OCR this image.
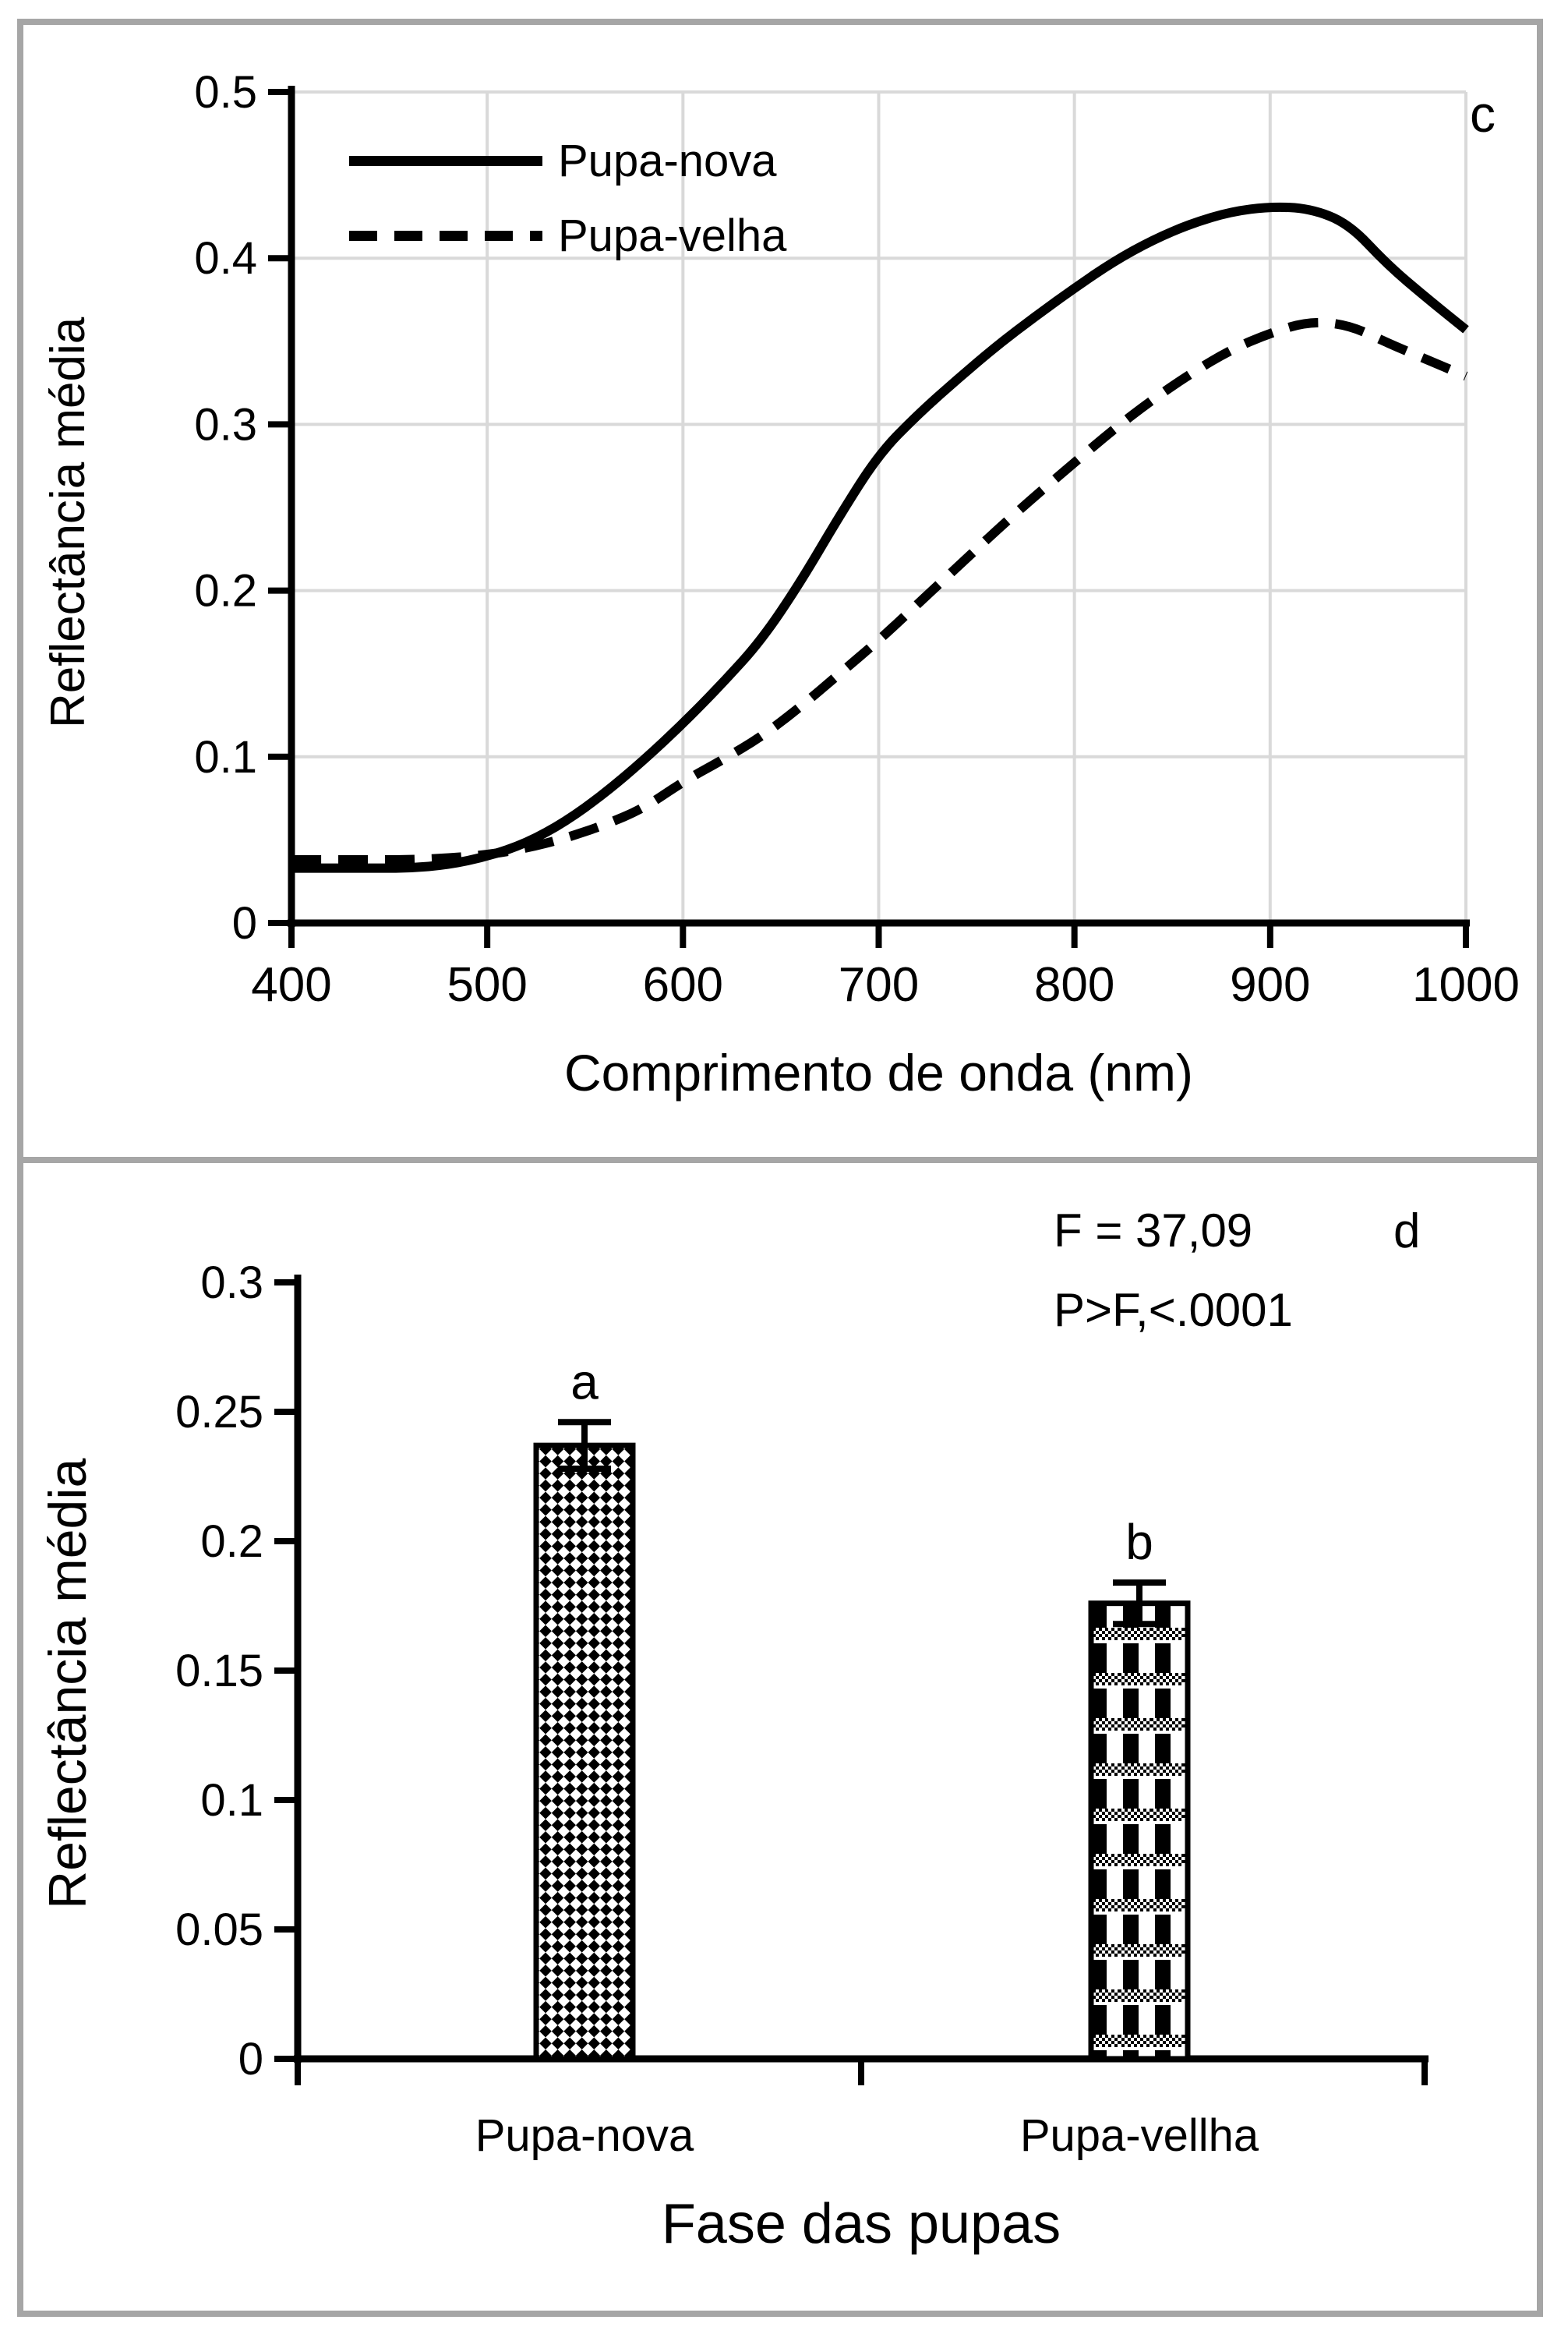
0
0.1
0.2
0.3
0.4
0.5
400 500 600 700 800 900 1000
0
0.05
0.1
0.15
0.2
0.25
0.3
a
Pupa-nova
b
Pupa-vellha
Reflectância média
Comprimento de onda (nm)
c
Pupa-nova
Pupa-velha
Reflectância média
Fase das pupas
d
F = 37,09
P>F,<.0001
